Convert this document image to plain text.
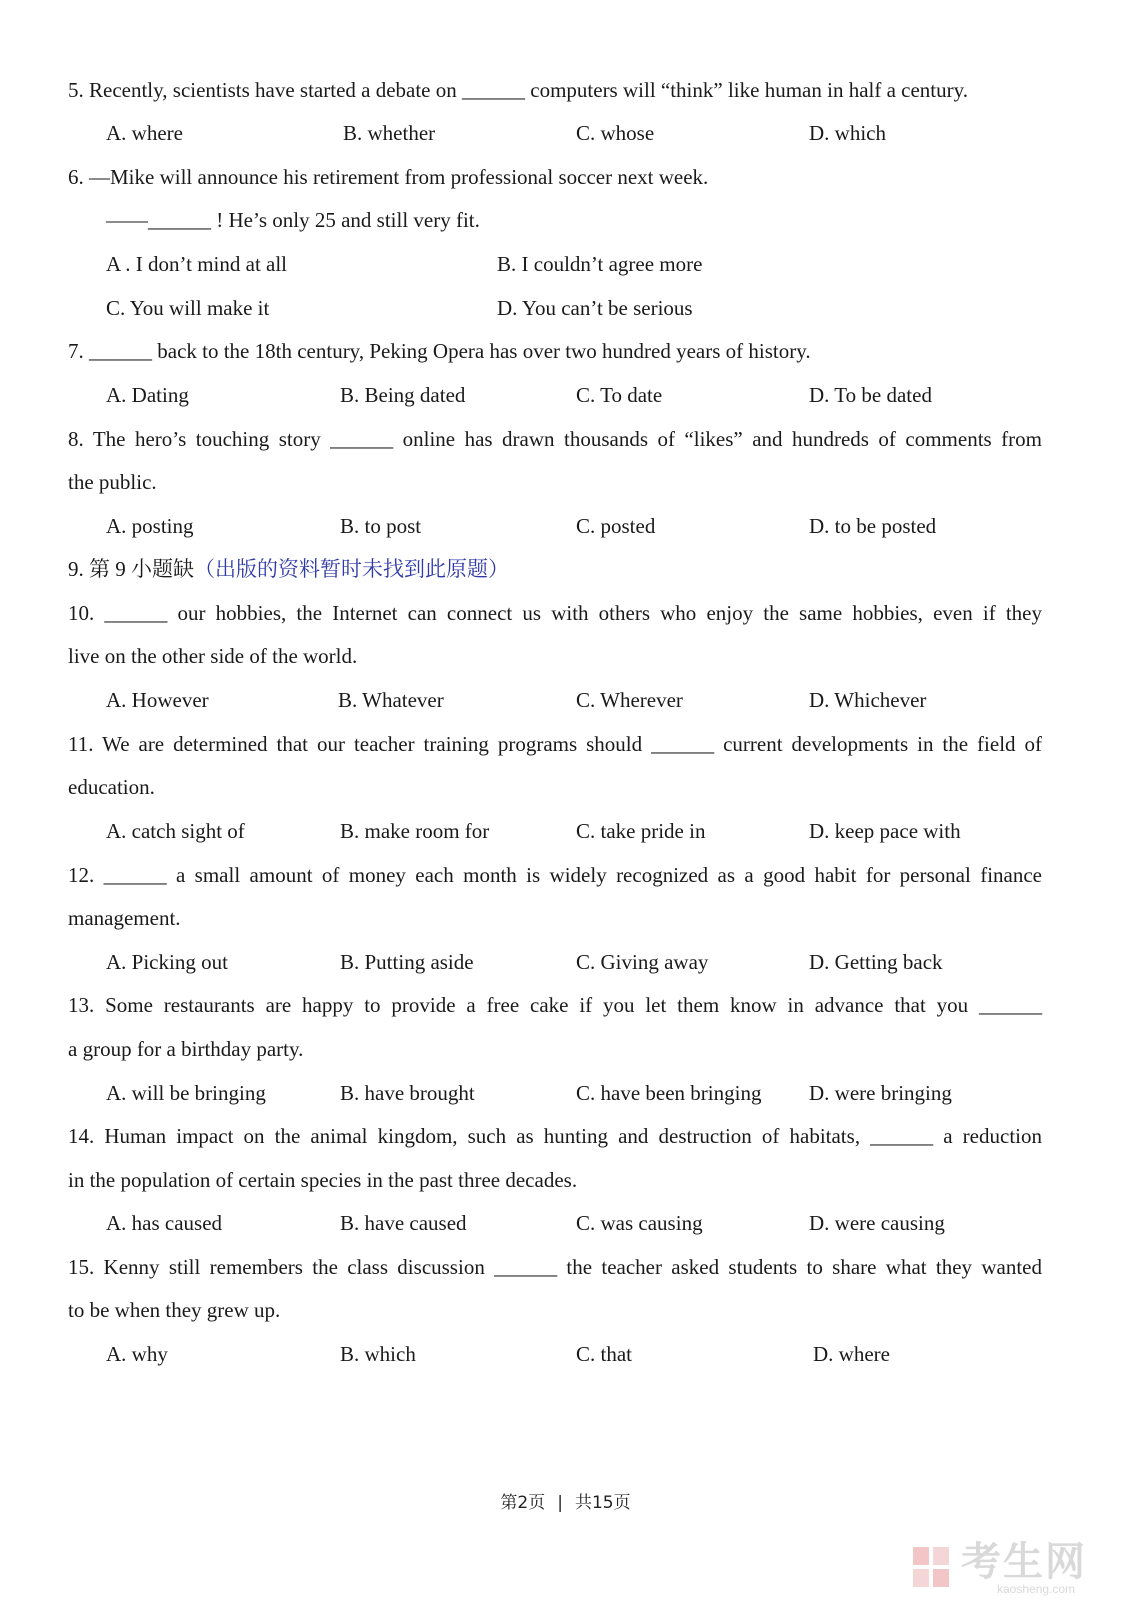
5. Recently, scientists have started a debate on ______ computers will “think” like human in half a century.
A. where	B. whether	C. whose	D. which
6. —Mike will announce his retirement from professional soccer next week.
——______ ! He’s only 25 and still very fit.
A . I don’t mind at all	B. I couldn’t agree more
C. You will make it	D. You can’t be serious
7. ______ back to the 18th century, Peking Opera has over two hundred years of history.
A. Dating	B. Being dated	C. To date	D. To be dated
8. The hero’s touching story ______ online has drawn thousands of “likes” and hundreds of comments from
the public.
A. posting	B. to post	C. posted	D. to be posted
9. 第 9 小题缺（出版的资料暂时未找到此原题）
10. ______ our hobbies, the Internet can connect us with others who enjoy the same hobbies, even if they
live on the other side of the world.
A. However	B. Whatever	C. Wherever	D. Whichever
11. We are determined that our teacher training programs should ______ current developments in the field of
education.
A. catch sight of	B. make room for	C. take pride in	D. keep pace with
12. ______ a small amount of money each month is widely recognized as a good habit for personal finance
management.
A. Picking out	B. Putting aside	C. Giving away	D. Getting back
13. Some restaurants are happy to provide a free cake if you let them know in advance that you ______
a group for a birthday party.
A. will be bringing	B. have brought	C. have been bringing D. were bringing
14. Human impact on the animal kingdom, such as hunting and destruction of habitats, ______ a reduction
in the population of certain species in the past three decades.
A. has caused	B. have caused	C. was causing	D. were causing
15. Kenny still remembers the class discussion ______ the teacher asked students to share what they wanted
to be when they grew up.
A. why	B. which	C. that	D. where
第2页 | 共15页
考生网
kaosheng.com
